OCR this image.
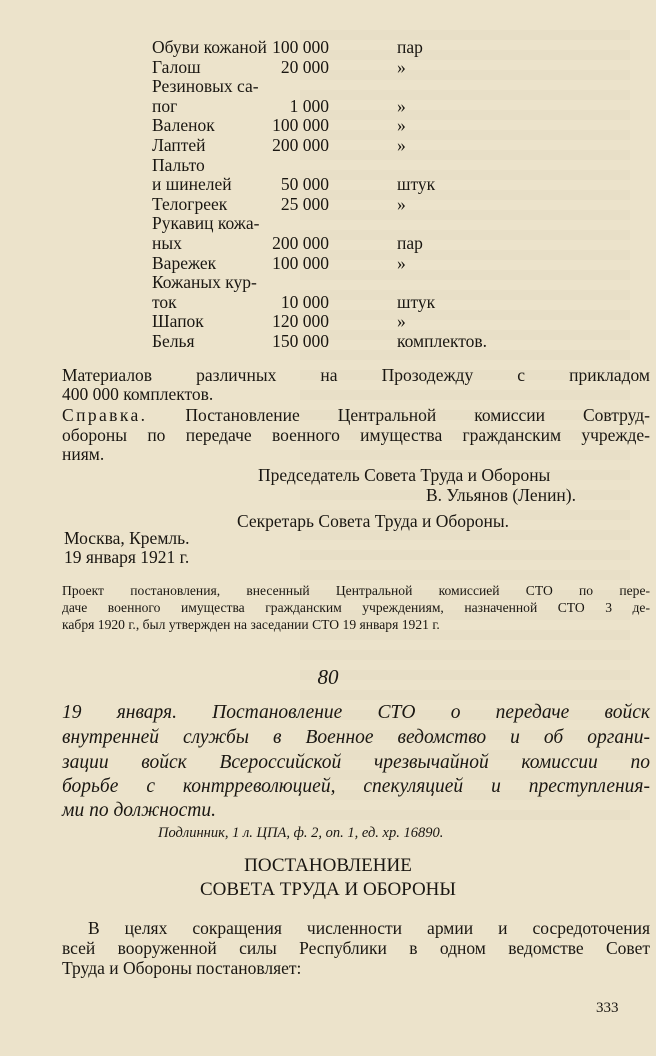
Обуви кожаной 100 000	пар
Галош	20 000	»
Резиновых са-
пог	1 000	»
Валенок	100 000	»
Лаптей	200 000	»
Пальто
и шинелей	50 000	штук
Телогреек	25 000	»
Рукавиц кожа-
ных	200 000	пар
Варежек	100 000	»
Кожаных кур-
ток	10 000	штук
Шапок	120 000	»
Белья	150 000	комплектов.
Материалов различных на Прозодежду с прикладом
400 000 комплектов.
Справка. Постановление Центральной комиссии Совтруд-
обороны по передаче военного имущества гражданским учрежде-
ниям.
Председатель Совета Труда и Обороны
В. Ульянов (Ленин).
Секретарь Совета Труда и Обороны.
Москва, Кремль.
19 января 1921 г.
Проект постановления, внесенный Центральной комиссией СТО по пере-
даче военного имущества гражданским учреждениям, назначенной СТО 3 де-
кабря 1920 г., был утвержден на заседании СТО 19 января 1921 г.
80
19 января. Постановление СТО о передаче войск
внутренней службы в Военное ведомство и об органи-
зации войск Всероссийской чрезвычайной комиссии по
борьбе с контрреволюцией, спекуляцией и преступления-
ми по должности.
Подлинник, 1 л. ЦПА, ф. 2, оп. 1, ед. хр. 16890.
ПОСТАНОВЛЕНИЕ
СОВЕТА ТРУДА И ОБОРОНЫ
В целях сокращения численности армии и сосредоточения
всей вооруженной силы Республики в одном ведомстве Совет
Труда и Обороны постановляет:
333
